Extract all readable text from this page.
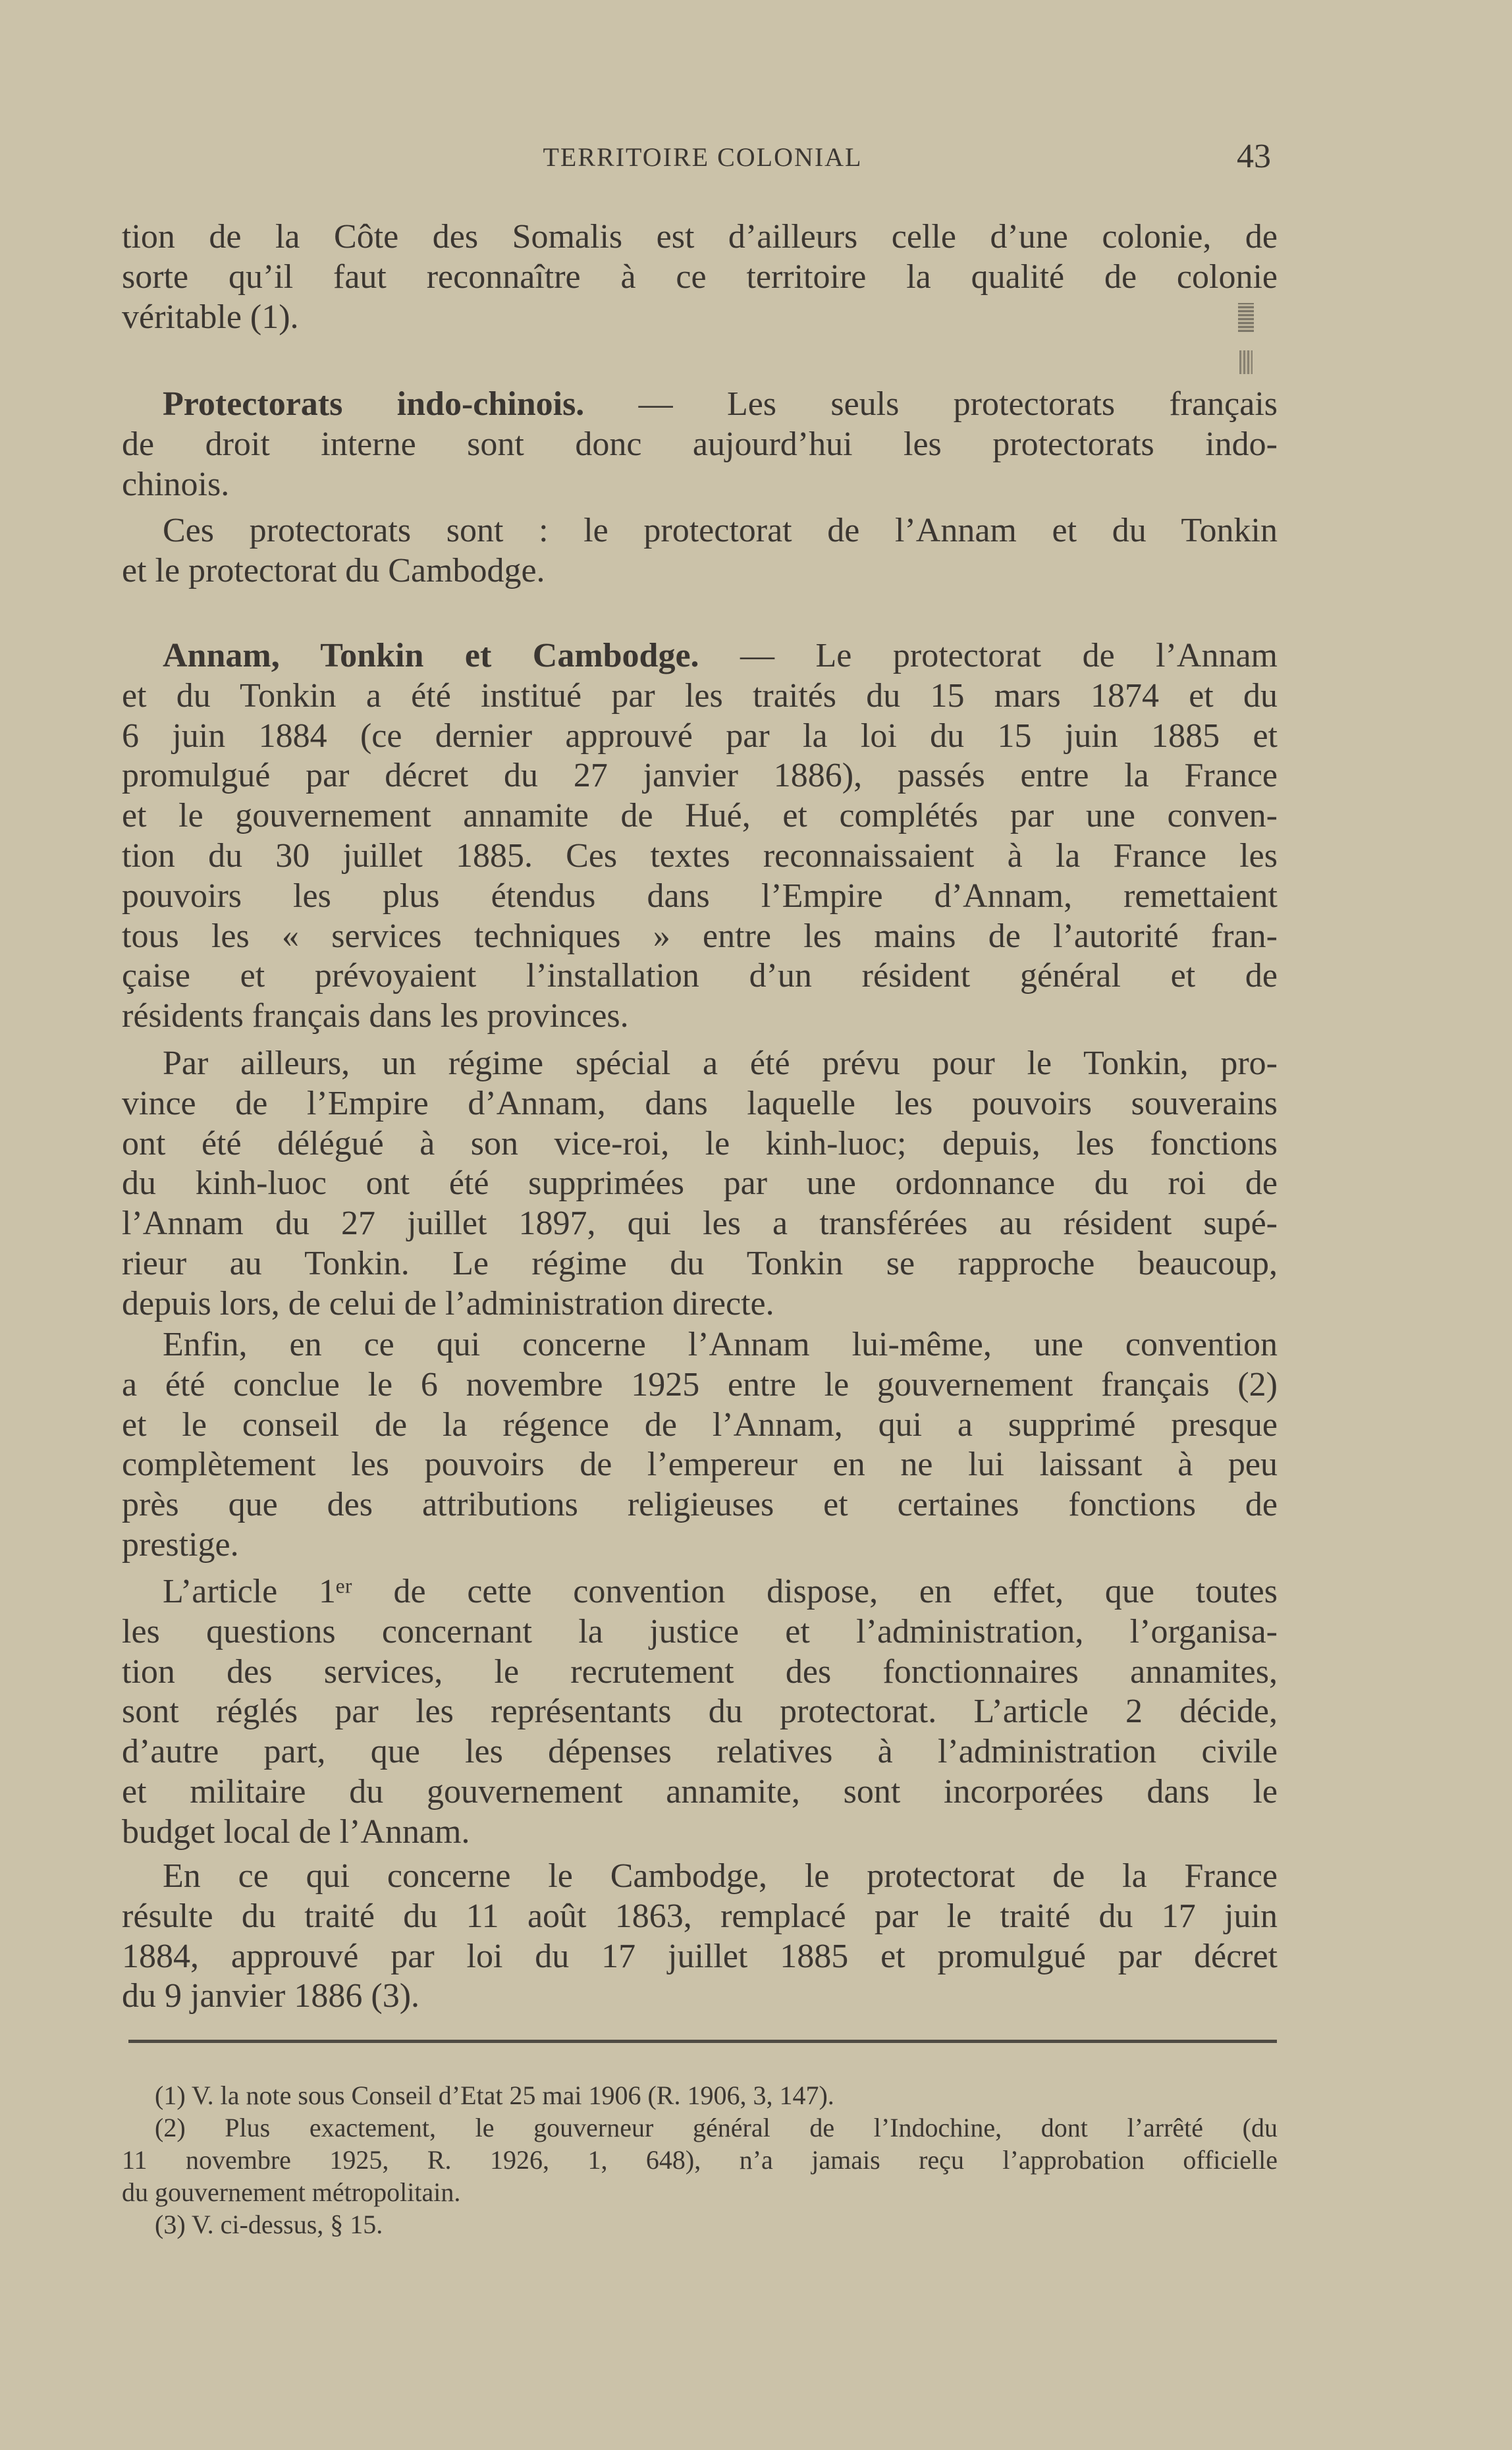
TERRITOIRE COLONIAL	43
tion de la Côte des Somalis est d’ailleurs celle d’une colonie, de
sorte qu’il faut reconnaître à ce territoire la qualité de colonie
véritable (1).
Protectorats indo-chinois. — Les seuls protectorats français
de droit interne sont donc aujourd’hui les protectorats indo-
chinois.
Ces protectorats sont : le protectorat de l’Annam et du Tonkin
et le protectorat du Cambodge.
Annam, Tonkin et Cambodge. — Le protectorat de l’Annam
et du Tonkin a été institué par les traités du 15 mars 1874 et du
6 juin 1884 (ce dernier approuvé par la loi du 15 juin 1885 et
promulgué par décret du 27 janvier 1886), passés entre la France
et le gouvernement annamite de Hué, et complétés par une conven-
tion du 30 juillet 1885. Ces textes reconnaissaient à la France les
pouvoirs les plus étendus dans l’Empire d’Annam, remettaient
tous les « services techniques » entre les mains de l’autorité fran-
çaise et prévoyaient l’installation d’un résident général et de
résidents français dans les provinces.
Par ailleurs, un régime spécial a été prévu pour le Tonkin, pro-
vince de l’Empire d’Annam, dans laquelle les pouvoirs souverains
ont été délégué à son vice-roi, le kinh-luoc; depuis, les fonctions
du kinh-luoc ont été supprimées par une ordonnance du roi de
l’Annam du 27 juillet 1897, qui les a transférées au résident supé-
rieur au Tonkin. Le régime du Tonkin se rapproche beaucoup,
depuis lors, de celui de l’administration directe.
Enfin, en ce qui concerne l’Annam lui-même, une convention
a été conclue le 6 novembre 1925 entre le gouvernement français (2)
et le conseil de la régence de l’Annam, qui a supprimé presque
complètement les pouvoirs de l’empereur en ne lui laissant à peu
près que des attributions religieuses et certaines fonctions de
prestige.
L’article 1ᵉʳ de cette convention dispose, en effet, que toutes
les questions concernant la justice et l’administration, l’organisa-
tion des services, le recrutement des fonctionnaires annamites,
sont réglés par les représentants du protectorat. L’article 2 décide,
d’autre part, que les dépenses relatives à l’administration civile
et militaire du gouvernement annamite, sont incorporées dans le
budget local de l’Annam.
En ce qui concerne le Cambodge, le protectorat de la France
résulte du traité du 11 août 1863, remplacé par le traité du 17 juin
1884, approuvé par loi du 17 juillet 1885 et promulgué par décret
du 9 janvier 1886 (3).
(1) V. la note sous Conseil d’Etat 25 mai 1906 (R. 1906, 3, 147).
(2) Plus exactement, le gouverneur général de l’Indochine, dont l’arrêté (du
11 novembre 1925, R. 1926, 1, 648), n’a jamais reçu l’approbation officielle
du gouvernement métropolitain.
(3) V. ci-dessus, § 15.
